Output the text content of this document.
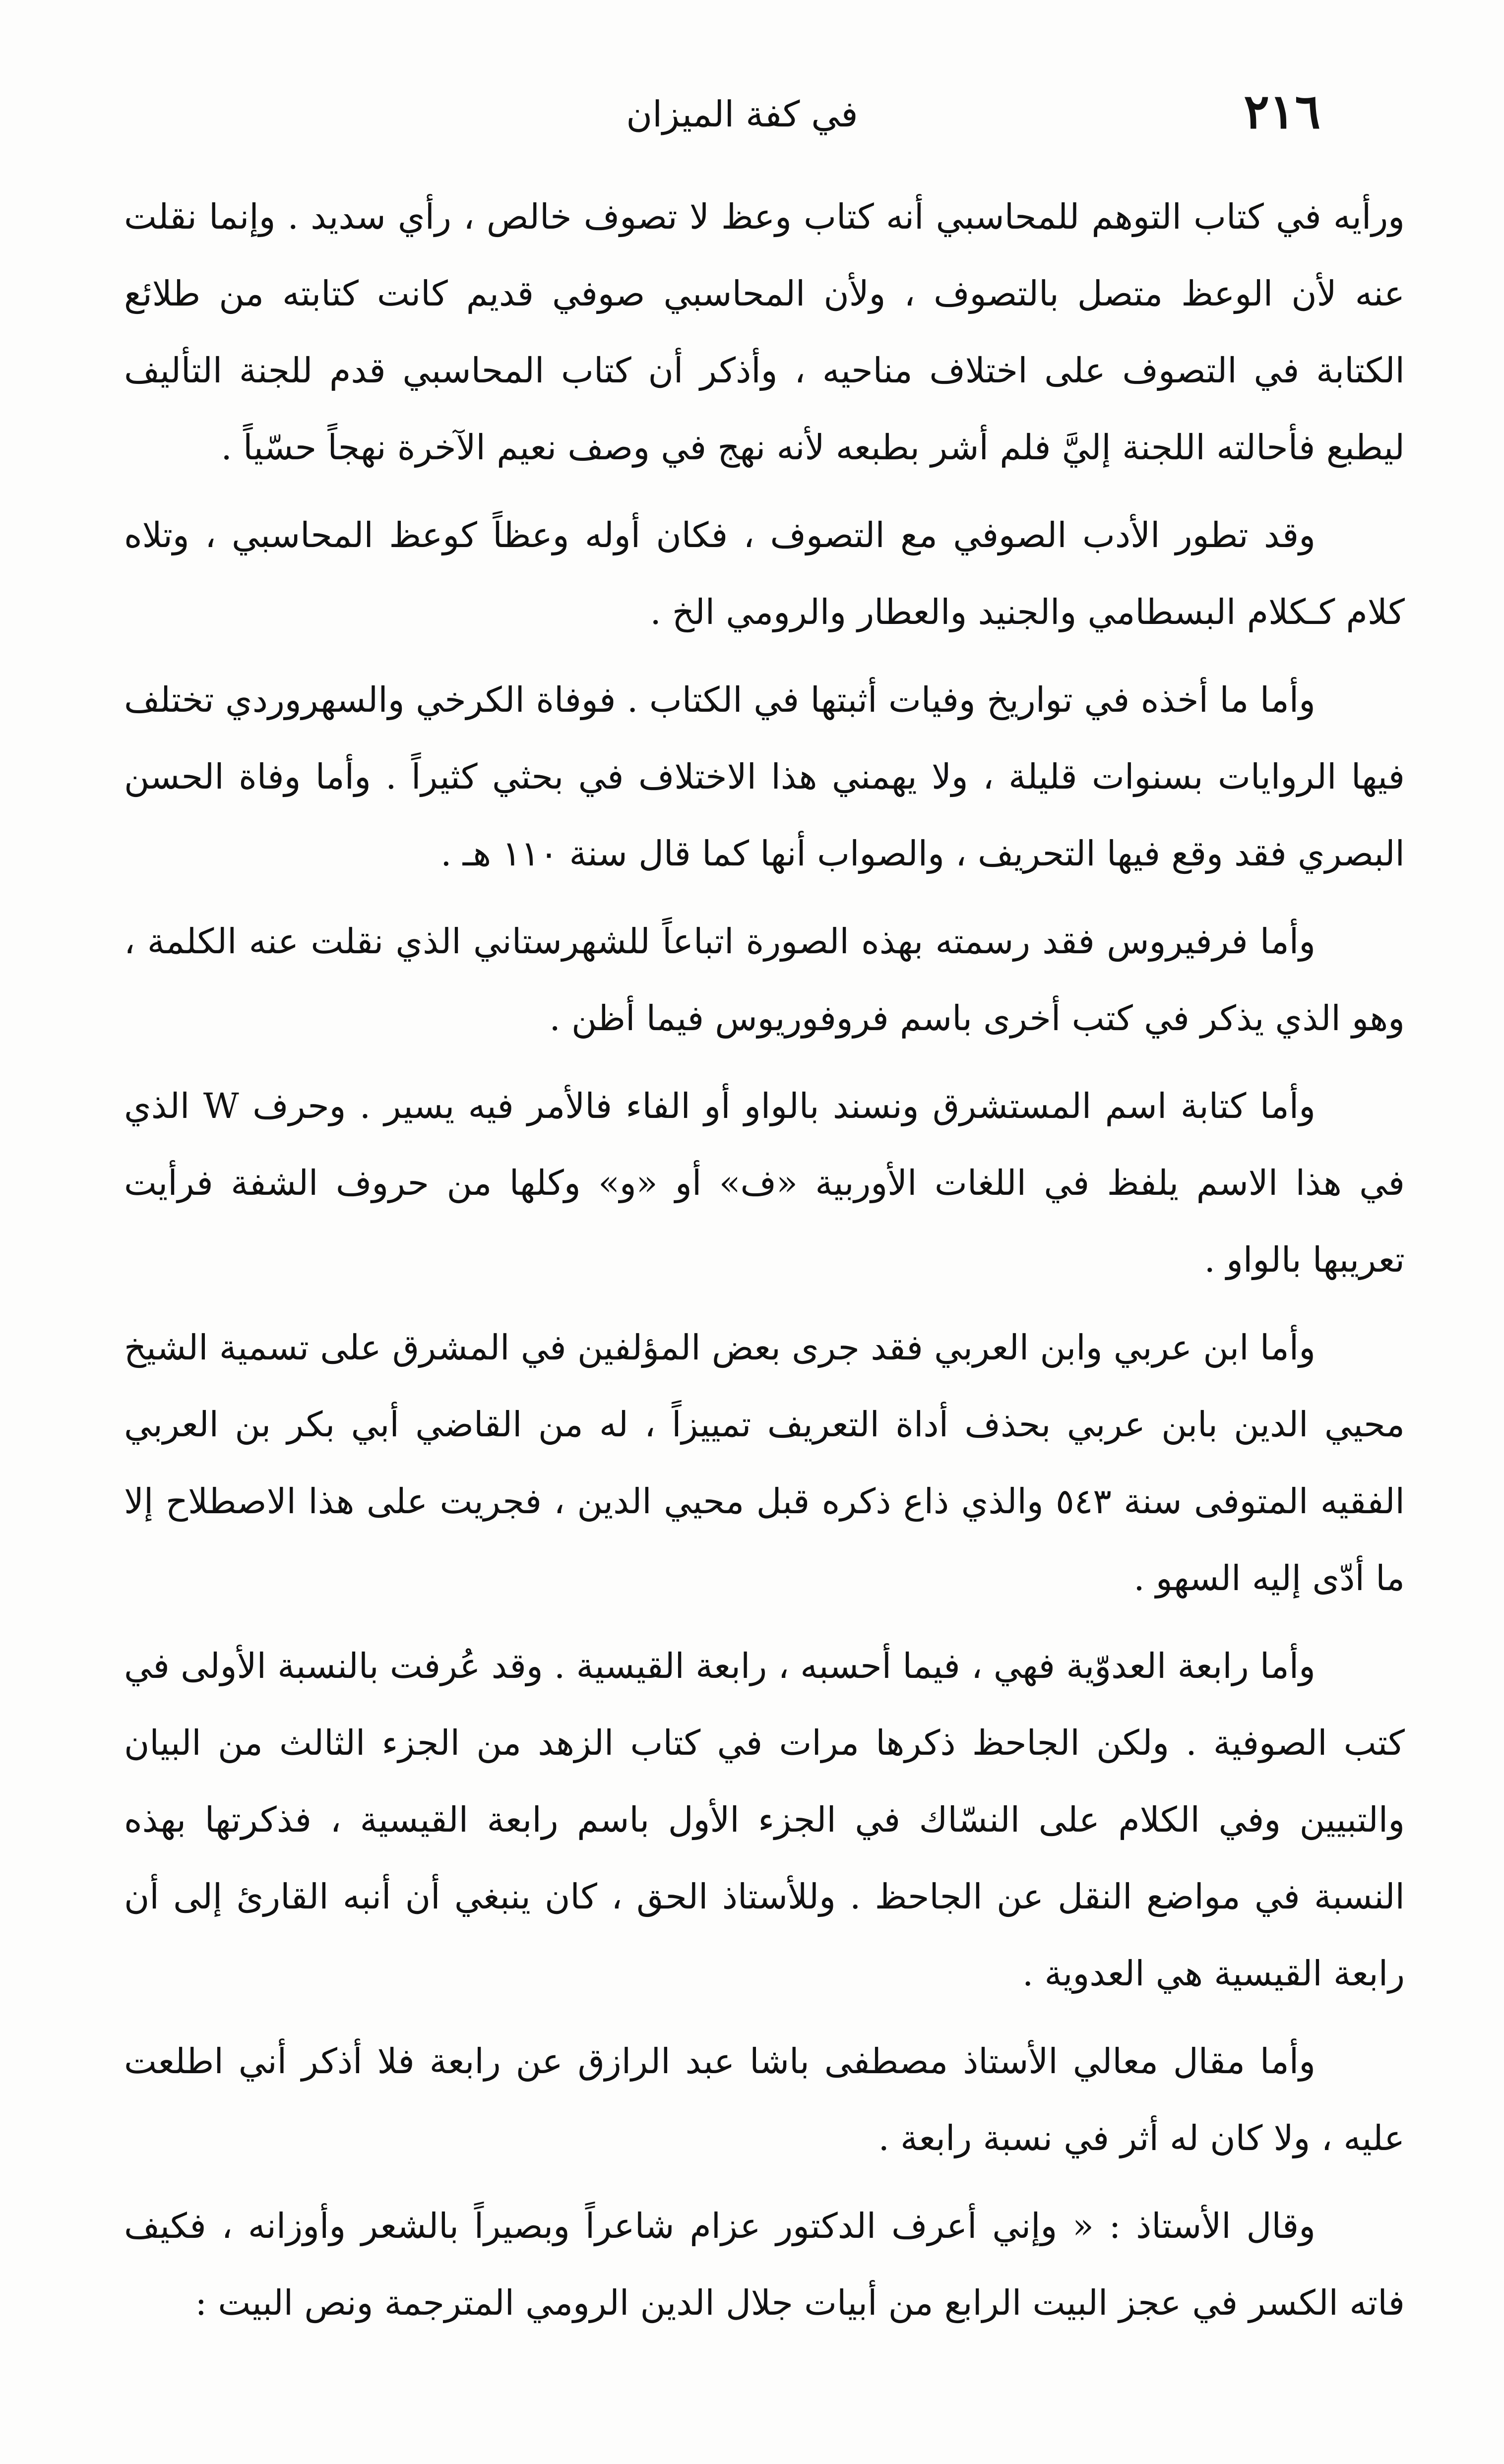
٢١٦
في كفة الميزان

ورأيه في كتاب التوهم للمحاسبي أنه كتاب وعظ لا تصوف خالص ، رأي سديد . وإنما نقلت عنه لأن الوعظ متصل بالتصوف ، ولأن المحاسبي صوفي قديم كانت كتابته من طلائع الكتابة في التصوف على اختلاف مناحيه ، وأذكر أن كتاب المحاسبي قدم للجنة التأليف ليطبع فأحالته اللجنة إليَّ فلم أشر بطبعه لأنه نهج في وصف نعيم الآخرة نهجاً حسّياً .

وقد تطور الأدب الصوفي مع التصوف ، فكان أوله وعظاً كوعظ المحاسبي ، وتلاه كلام كـكلام البسطامي والجنيد والعطار والرومي الخ .

وأما ما أخذه في تواريخ وفيات أثبتها في الكتاب . فوفاة الكرخي والسهروردي تختلف فيها الروايات بسنوات قليلة ، ولا يهمني هذا الاختلاف في بحثي كثيراً . وأما وفاة الحسن البصري فقد وقع فيها التحريف ، والصواب أنها كما قال سنة ١١٠ هـ .

وأما فرفيروس فقد رسمته بهذه الصورة اتباعاً للشهرستاني الذي نقلت عنه الكلمة ، وهو الذي يذكر في كتب أخرى باسم فروفوريوس فيما أظن .

وأما كتابة اسم المستشرق ونسند بالواو أو الفاء فالأمر فيه يسير . وحرف W الذي في هذا الاسم يلفظ في اللغات الأوربية «ف» أو «و» وكلها من حروف الشفة فرأيت تعريبها بالواو .

وأما ابن عربي وابن العربي فقد جرى بعض المؤلفين في المشرق على تسمية الشيخ محيي الدين بابن عربي بحذف أداة التعريف تمييزاً ، له من القاضي أبي بكر بن العربي الفقيه المتوفى سنة ٥٤٣ والذي ذاع ذكره قبل محيي الدين ، فجريت على هذا الاصطلاح إلا ما أدّى إليه السهو .

وأما رابعة العدوّية فهي ، فيما أحسبه ، رابعة القيسية . وقد عُرفت بالنسبة الأولى في كتب الصوفية . ولكن الجاحظ ذكرها مرات في كتاب الزهد من الجزء الثالث من البيان والتبيين وفي الكلام على النسّاك في الجزء الأول باسم رابعة القيسية ، فذكرتها بهذه النسبة في مواضع النقل عن الجاحظ . وللأستاذ الحق ، كان ينبغي أن أنبه القارئ إلى أن رابعة القيسية هي العدوية .

وأما مقال معالي الأستاذ مصطفى باشا عبد الرازق عن رابعة فلا أذكر أني اطلعت عليه ، ولا كان له أثر في نسبة رابعة .

وقال الأستاذ : « وإني أعرف الدكتور عزام شاعراً وبصيراً بالشعر وأوزانه ، فكيف فاته الكسر في عجز البيت الرابع من أبيات جلال الدين الرومي المترجمة ونص البيت :
